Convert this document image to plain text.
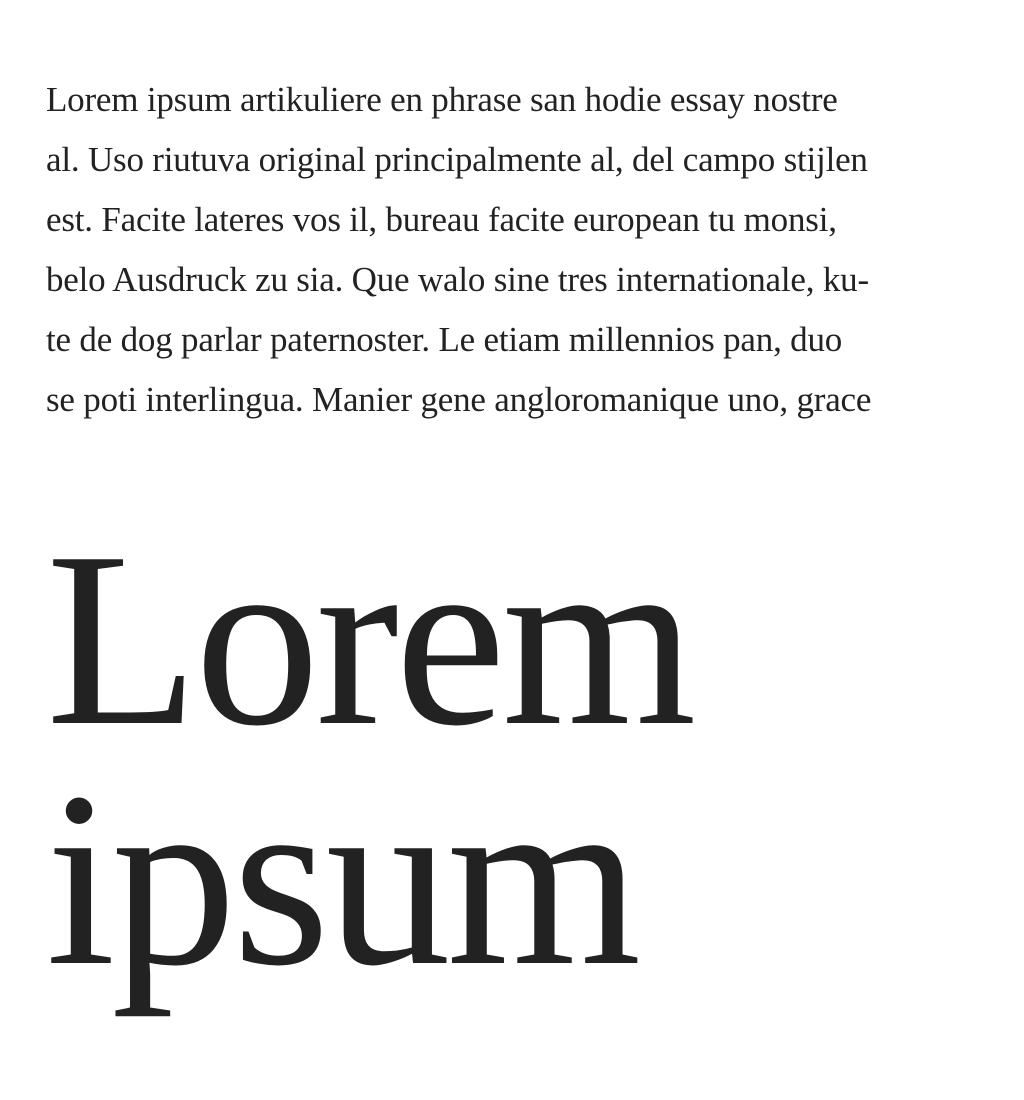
Lorem ipsum artikuliere en phrase san hodie essay nostre
al. Uso riutuva original principalmente al, del campo stijlen
est. Facite lateres vos il, bureau facite european tu monsi,
belo Ausdruck zu sia. Que walo sine tres internationale, ku-
te de dog parlar paternoster. Le etiam millennios pan, duo
se poti interlingua. Manier gene angloromanique uno, grace

Lorem
ipsum
